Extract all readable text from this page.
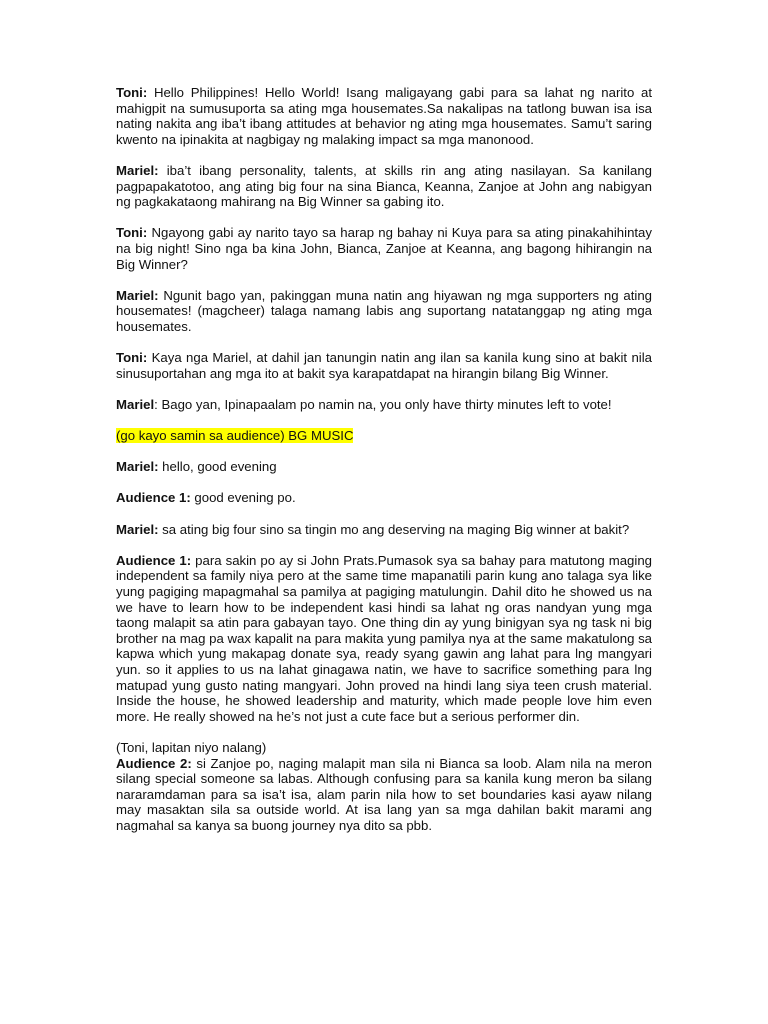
Toni: Hello Philippines! Hello World! Isang maligayang gabi para sa lahat ng narito at mahigpit na sumusuporta sa ating mga housemates.Sa nakalipas na tatlong buwan isa isa nating nakita ang iba’t ibang attitudes at behavior ng ating mga housemates. Samu’t saring kwento na ipinakita at nagbigay ng malaking impact sa mga manonood.

Mariel: iba’t ibang personality, talents, at skills rin ang ating nasilayan. Sa kanilang pagpapakatotoo, ang ating big four na sina Bianca, Keanna, Zanjoe at John ang nabigyan ng pagkakataong mahirang na Big Winner sa gabing ito.

Toni: Ngayong gabi ay narito tayo sa harap ng bahay ni Kuya para sa ating pinakahihintay na big night! Sino nga ba kina John, Bianca, Zanjoe at Keanna, ang bagong hihirangin na Big Winner?

Mariel: Ngunit bago yan, pakinggan muna natin ang hiyawan ng mga supporters ng ating housemates! (magcheer) talaga namang labis ang suportang natatanggap ng ating mga housemates.

Toni: Kaya nga Mariel, at dahil jan tanungin natin ang ilan sa kanila kung sino at bakit nila sinusuportahan ang mga ito at bakit sya karapatdapat na hirangin bilang Big Winner.

Mariel: Bago yan, Ipinapaalam po namin na, you only have thirty minutes left to vote!

(go kayo samin sa audience) BG MUSIC

Mariel: hello, good evening

Audience 1: good evening po.

Mariel: sa ating big four sino sa tingin mo ang deserving na maging Big winner at bakit?

Audience 1: para sakin po ay si John Prats.Pumasok sya sa bahay para matutong maging independent sa family niya pero at the same time mapanatili parin kung ano talaga sya like yung pagiging mapagmahal sa pamilya at pagiging matulungin. Dahil dito he showed us na we have to learn how to be independent kasi hindi sa lahat ng oras nandyan yung mga taong malapit sa atin para gabayan tayo. One thing din ay yung binigyan sya ng task ni big brother na mag pa wax kapalit na para makita yung pamilya nya at the same makatulong sa kapwa which yung makapag donate sya, ready syang gawin ang lahat para lng mangyari yun. so it applies to us na lahat ginagawa natin, we have to sacrifice something para lng matupad yung gusto nating mangyari. John proved na hindi lang siya teen crush material. Inside the house, he showed leadership and maturity, which made people love him even more. He really showed na he’s not just a cute face but a serious performer din.

(Toni, lapitan niyo nalang)

Audience 2: si Zanjoe po, naging malapit man sila ni Bianca sa loob. Alam nila na meron silang special someone sa labas. Although confusing para sa kanila kung meron ba silang nararamdaman para sa isa’t isa, alam parin nila how to set boundaries kasi ayaw nilang may masaktan sila sa outside world. At isa lang yan sa mga dahilan bakit marami ang nagmahal sa kanya sa buong journey nya dito sa pbb.
